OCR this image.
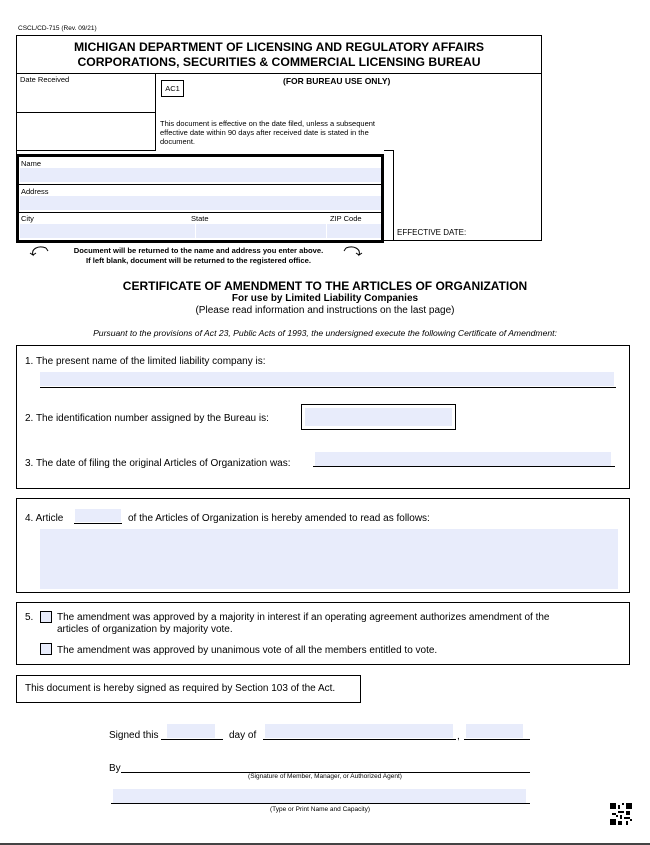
CSCL/CD-715 (Rev. 09/21)
MICHIGAN DEPARTMENT OF LICENSING AND REGULATORY AFFAIRS
CORPORATIONS, SECURITIES & COMMERCIAL LICENSING BUREAU
Date Received
AC1
(FOR BUREAU USE ONLY)
This document is effective on the date filed, unless a subsequent effective date within 90 days after received date is stated in the document.
EFFECTIVE DATE:
Name
Address
City	State	ZIP Code
Document will be returned to the name and address you enter above.
If left blank, document will be returned to the registered office.
CERTIFICATE OF AMENDMENT TO THE ARTICLES OF ORGANIZATION
For use by Limited Liability Companies
(Please read information and instructions on the last page)
Pursuant to the provisions of Act 23, Public Acts of 1993, the undersigned execute the following Certificate of Amendment:
1. The present name of the limited liability company is:
2. The identification number assigned by the Bureau is:
3. The date of filing the original Articles of Organization was:
4. Article	of the Articles of Organization is hereby amended to read as follows:
5. The amendment was approved by a majority in interest if an operating agreement authorizes amendment of the
articles of organization by majority vote.
The amendment was approved by unanimous vote of all the members entitled to vote.
This document is hereby signed as required by Section 103 of the Act.
Signed this	day of	,
By
(Signature of Member, Manager, or Authorized Agent)
(Type or Print Name and Capacity)
